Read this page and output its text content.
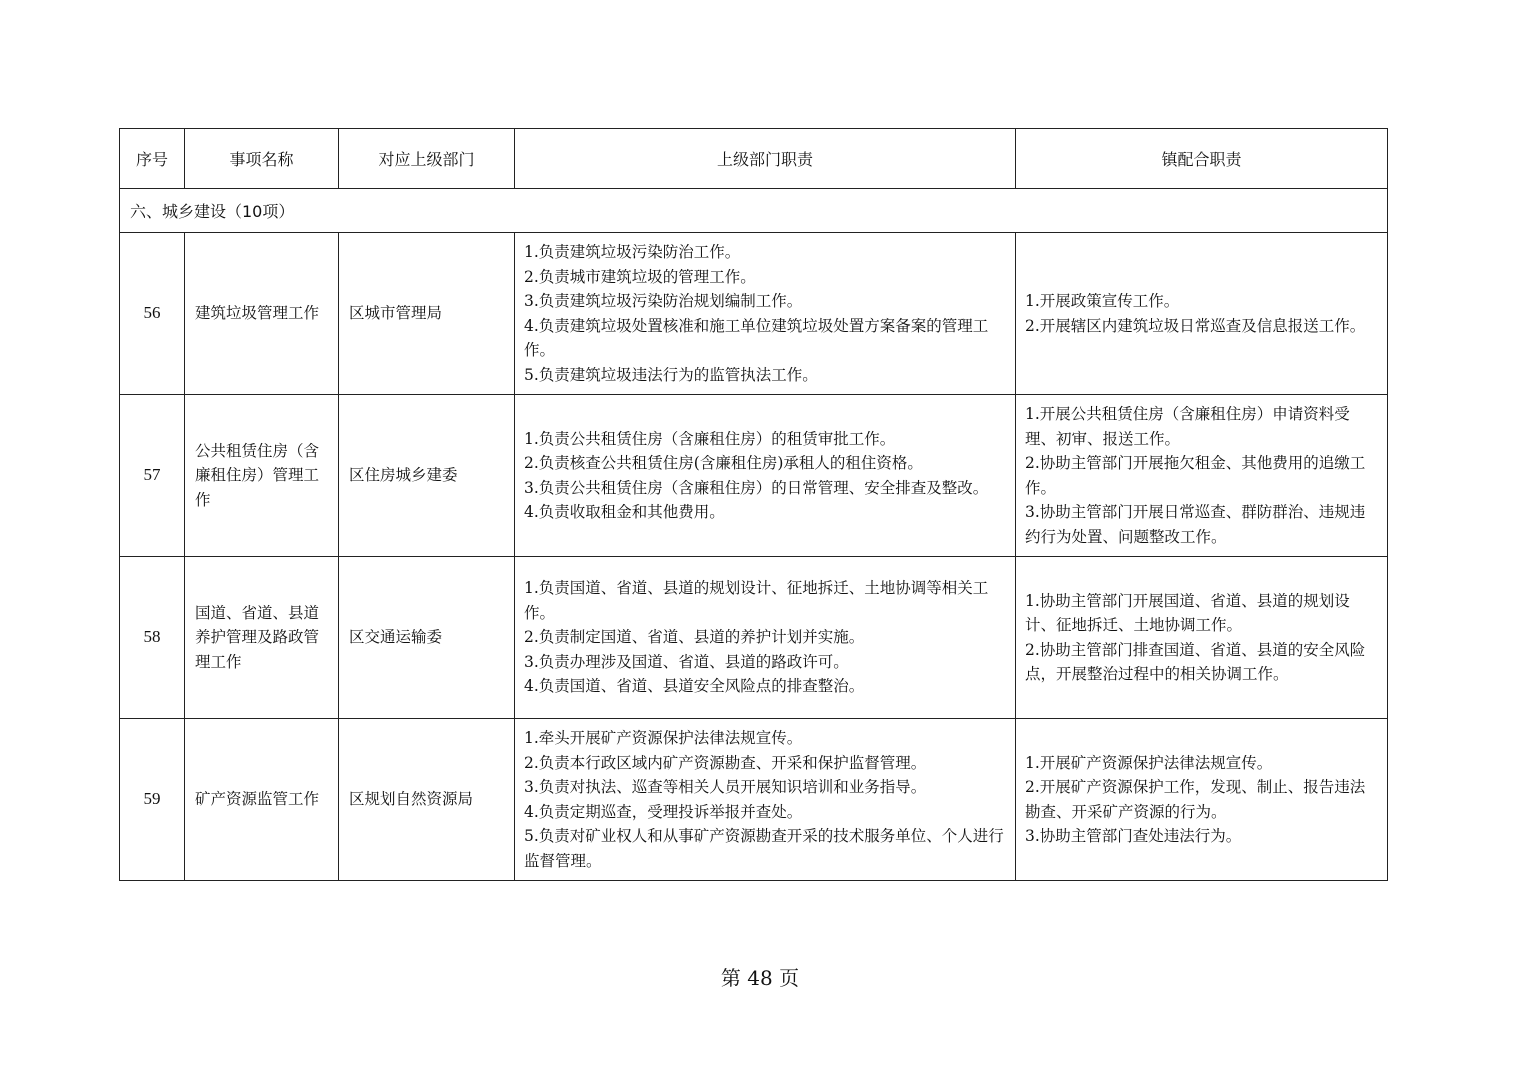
序号	事项名称	对应上级部门	上级部门职责	镇配合职责
六、城乡建设（10项）				
56	建筑垃圾管理工作	区城市管理局	1.负责建筑垃圾污染防治工作。
2.负责城市建筑垃圾的管理工作。
3.负责建筑垃圾污染防治规划编制工作。
4.负责建筑垃圾处置核准和施工单位建筑垃圾处置方案备案的管理工作。
5.负责建筑垃圾违法行为的监管执法工作。	1.开展政策宣传工作。
2.开展辖区内建筑垃圾日常巡查及信息报送工作。

57	公共租赁住房（含廉租住房）管理工作	区住房城乡建委	1.负责公共租赁住房（含廉租住房）的租赁审批工作。
2.负责核查公共租赁住房(含廉租住房)承租人的租住资格。
3.负责公共租赁住房（含廉租住房）的日常管理、安全排查及整改。
4.负责收取租金和其他费用。	1.开展公共租赁住房（含廉租住房）申请资料受理、初审、报送工作。
2.协助主管部门开展拖欠租金、其他费用的追缴工作。
3.协助主管部门开展日常巡查、群防群治、违规违约行为处置、问题整改工作。

58	国道、省道、县道养护管理及路政管理工作	区交通运输委	1.负责国道、省道、县道的规划设计、征地拆迁、土地协调等相关工作。
2.负责制定国道、省道、县道的养护计划并实施。
3.负责办理涉及国道、省道、县道的路政许可。
4.负责国道、省道、县道安全风险点的排查整治。	1.协助主管部门开展国道、省道、县道的规划设计、征地拆迁、土地协调工作。
2.协助主管部门排查国道、省道、县道的安全风险点，开展整治过程中的相关协调工作。

59	矿产资源监管工作	区规划自然资源局	1.牵头开展矿产资源保护法律法规宣传。
2.负责本行政区域内矿产资源勘查、开采和保护监督管理。
3.负责对执法、巡查等相关人员开展知识培训和业务指导。
4.负责定期巡查，受理投诉举报并查处。
5.负责对矿业权人和从事矿产资源勘查开采的技术服务单位、个人进行监督管理。	1.开展矿产资源保护法律法规宣传。
2.开展矿产资源保护工作，发现、制止、报告违法勘查、开采矿产资源的行为。
3.协助主管部门查处违法行为。
第 48 页
